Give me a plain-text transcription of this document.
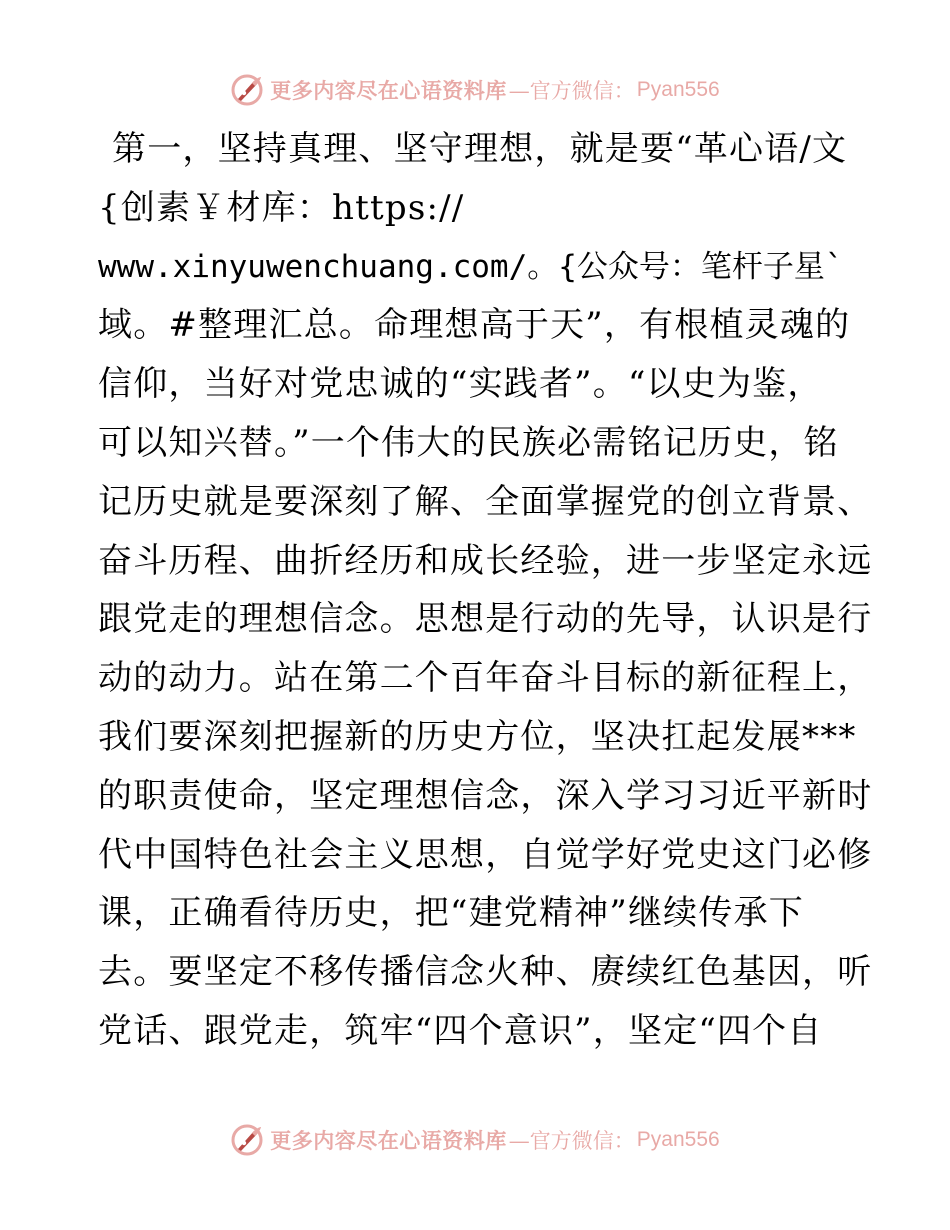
更多内容尽在心语资料库 —官方微信： Pyan556
第一，坚持真理、坚守理想，就是要“革心语/文
{创素￥材库：https://
www.xinyuwenchuang.com/。{公众号：笔杆子星`
域。#整理汇总。命理想高于天”，有根植灵魂的
信仰，当好对党忠诚的“实践者”。“以史为鉴，
可以知兴替。”一个伟大的民族必需铭记历史，铭
记历史就是要深刻了解、全面掌握党的创立背景、
奋斗历程、曲折经历和成长经验，进一步坚定永远
跟党走的理想信念。思想是行动的先导，认识是行
动的动力。站在第二个百年奋斗目标的新征程上，
我们要深刻把握新的历史方位，坚决扛起发展***
的职责使命，坚定理想信念，深入学习习近平新时
代中国特色社会主义思想，自觉学好党史这门必修
课，正确看待历史，把“建党精神”继续传承下
去。要坚定不移传播信念火种、赓续红色基因，听
党话、跟党走，筑牢“四个意识”，坚定“四个自
更多内容尽在心语资料库 —官方微信： Pyan556
